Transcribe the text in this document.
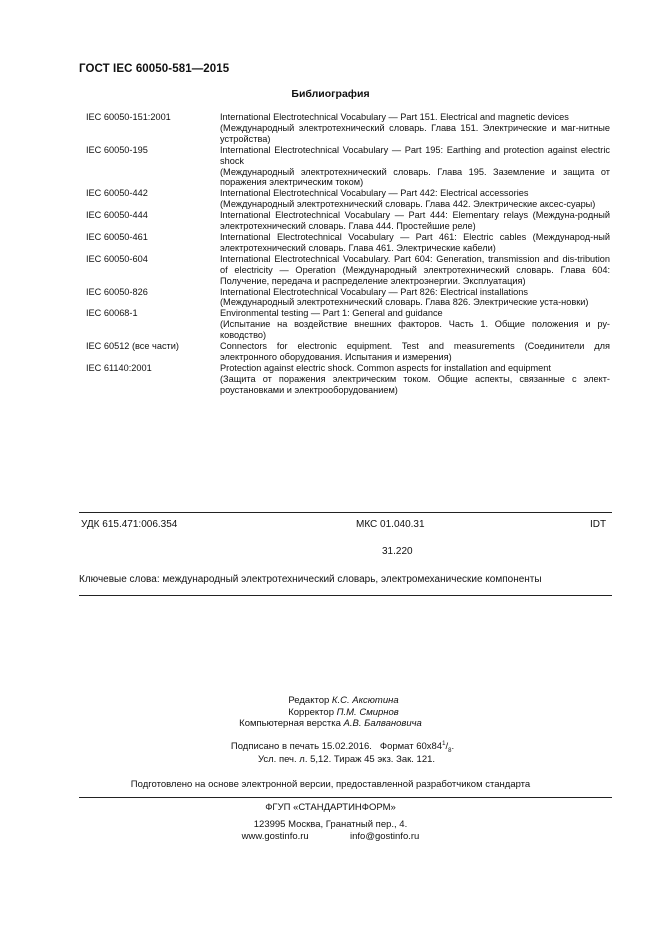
ГОСТ IEC 60050-581—2015
Библиография
IEC 60050-151:2001	International Electrotechnical Vocabulary — Part 151. Electrical and magnetic devices
(Международный электротехнический словарь. Глава 151. Электрические и маг-нитные устройства)
IEC 60050-195	International Electrotechnical Vocabulary — Part 195: Earthing and protection against electric shock
(Международный электротехнический словарь. Глава 195. Заземление и защита от поражения электрическим током)
IEC 60050-442	International Electrotechnical Vocabulary — Part 442: Electrical accessories
(Международный электротехнический словарь. Глава 442. Электрические аксес-суары)
IEC 60050-444	International Electrotechnical Vocabulary — Part 444: Elementary relays (Междуна-родный электротехнический словарь. Глава 444. Простейшие реле)
IEC 60050-461	International Electrotechnical Vocabulary — Part 461: Electric cables (Международ-ный электротехнический словарь. Глава 461. Электрические кабели)
IEC 60050-604	International Electrotechnical Vocabulary. Part 604: Generation, transmission and dis-tribution of electricity — Operation (Международный электротехнический словарь. Глава 604: Получение, передача и распределение электроэнергии. Эксплуатация)
IEC 60050-826	International Electrotechnical Vocabulary — Part 826: Electrical installations
(Международный электротехнический словарь. Глава 826. Электрические уста-новки)
IEC 60068-1	Environmental testing — Part 1: General and guidance
(Испытание на воздействие внешних факторов. Часть 1. Общие положения и ру-ководство)
IEC 60512 (все части)	Connectors for electronic equipment. Test and measurements (Соединители для электронного оборудования. Испытания и измерения)
IEC 61140:2001	Protection against electric shock. Common aspects for installation and equipment
(Защита от поражения электрическим током. Общие аспекты, связанные с элект-роустановками и электрооборудованием)
УДК 615.471:006.354	МКС 01.040.31
31.220
IDT
Ключевые слова: международный электротехнический словарь, электромеханические компоненты
Редактор К.С. Аксютина
Корректор П.М. Смирнов
Компьютерная верстка А.В. Балвановича
Подписано в печать 15.02.2016. Формат $60x84^1/_8$.
Усл. печ. л. 5,12. Тираж 45 экз. Зак. 121.
Подготовлено на основе электронной версии, предоставленной разработчиком стандарта
ФГУП «СТАНДАРТИНФОРМ»
123995 Москва, Гранатный пер., 4.
www.gostinfo.ru	info@gostinfo.ru
